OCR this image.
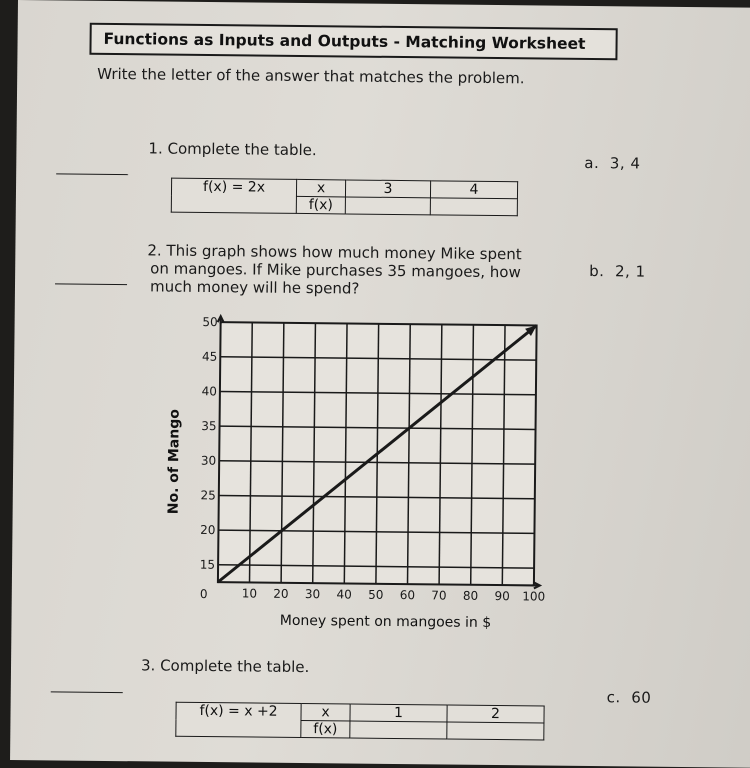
Functions as Inputs and Outputs - Matching Worksheet
Write the letter of the answer that matches the problem.
1. Complete the table.
f(x) = 2x	x	3	4
	f(x)		
a. 3, 4
2. This graph shows how much money Mike spent
on mangoes. If Mike purchases 35 mangoes, how
much money will he spend?
b. 2, 1
15
20
25
30
35
40
45
50
10 20 30 40 50 60 70 80 90 100
0
Money spent on mangoes in $
No. of Mango
3. Complete the table.
f(x) = x +2	x	1	2
	f(x)		
c. 60
